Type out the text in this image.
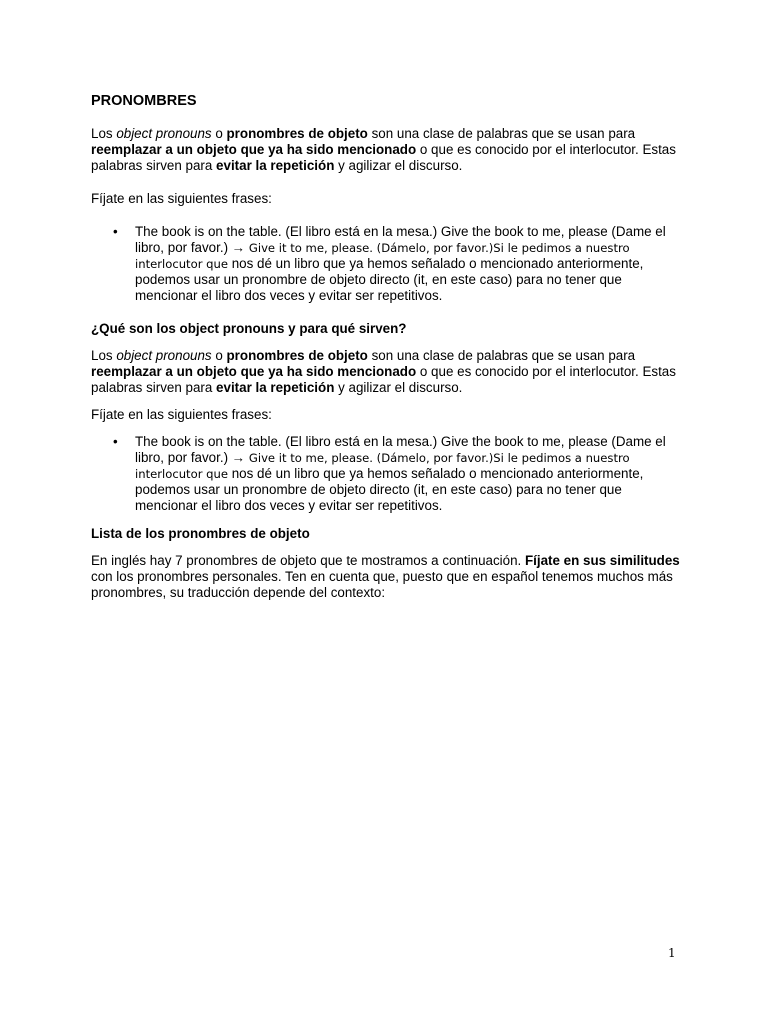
PRONOMBRES

Los object pronouns o pronombres de objeto son una clase de palabras que se usan para reemplazar a un objeto que ya ha sido mencionado o que es conocido por el interlocutor. Estas palabras sirven para evitar la repetición y agilizar el discurso.

Fíjate en las siguientes frases:

• The book is on the table. (El libro está en la mesa.) Give the book to me, please (Dame el libro, por favor.) → Give it to me, please. (Dámelo, por favor.)Si le pedimos a nuestro interlocutor que nos dé un libro que ya hemos señalado o mencionado anteriormente, podemos usar un pronombre de objeto directo (it, en este caso) para no tener que mencionar el libro dos veces y evitar ser repetitivos.
¿Qué son los object pronouns y para qué sirven?

Los object pronouns o pronombres de objeto son una clase de palabras que se usan para reemplazar a un objeto que ya ha sido mencionado o que es conocido por el interlocutor. Estas palabras sirven para evitar la repetición y agilizar el discurso.

Fíjate en las siguientes frases:

• The book is on the table. (El libro está en la mesa.) Give the book to me, please (Dame el libro, por favor.) → Give it to me, please. (Dámelo, por favor.)Si le pedimos a nuestro interlocutor que nos dé un libro que ya hemos señalado o mencionado anteriormente, podemos usar un pronombre de objeto directo (it, en este caso) para no tener que mencionar el libro dos veces y evitar ser repetitivos.
Lista de los pronombres de objeto

En inglés hay 7 pronombres de objeto que te mostramos a continuación. Fíjate en sus similitudes con los pronombres personales. Ten en cuenta que, puesto que en español tenemos muchos más pronombres, su traducción depende del contexto:

1
